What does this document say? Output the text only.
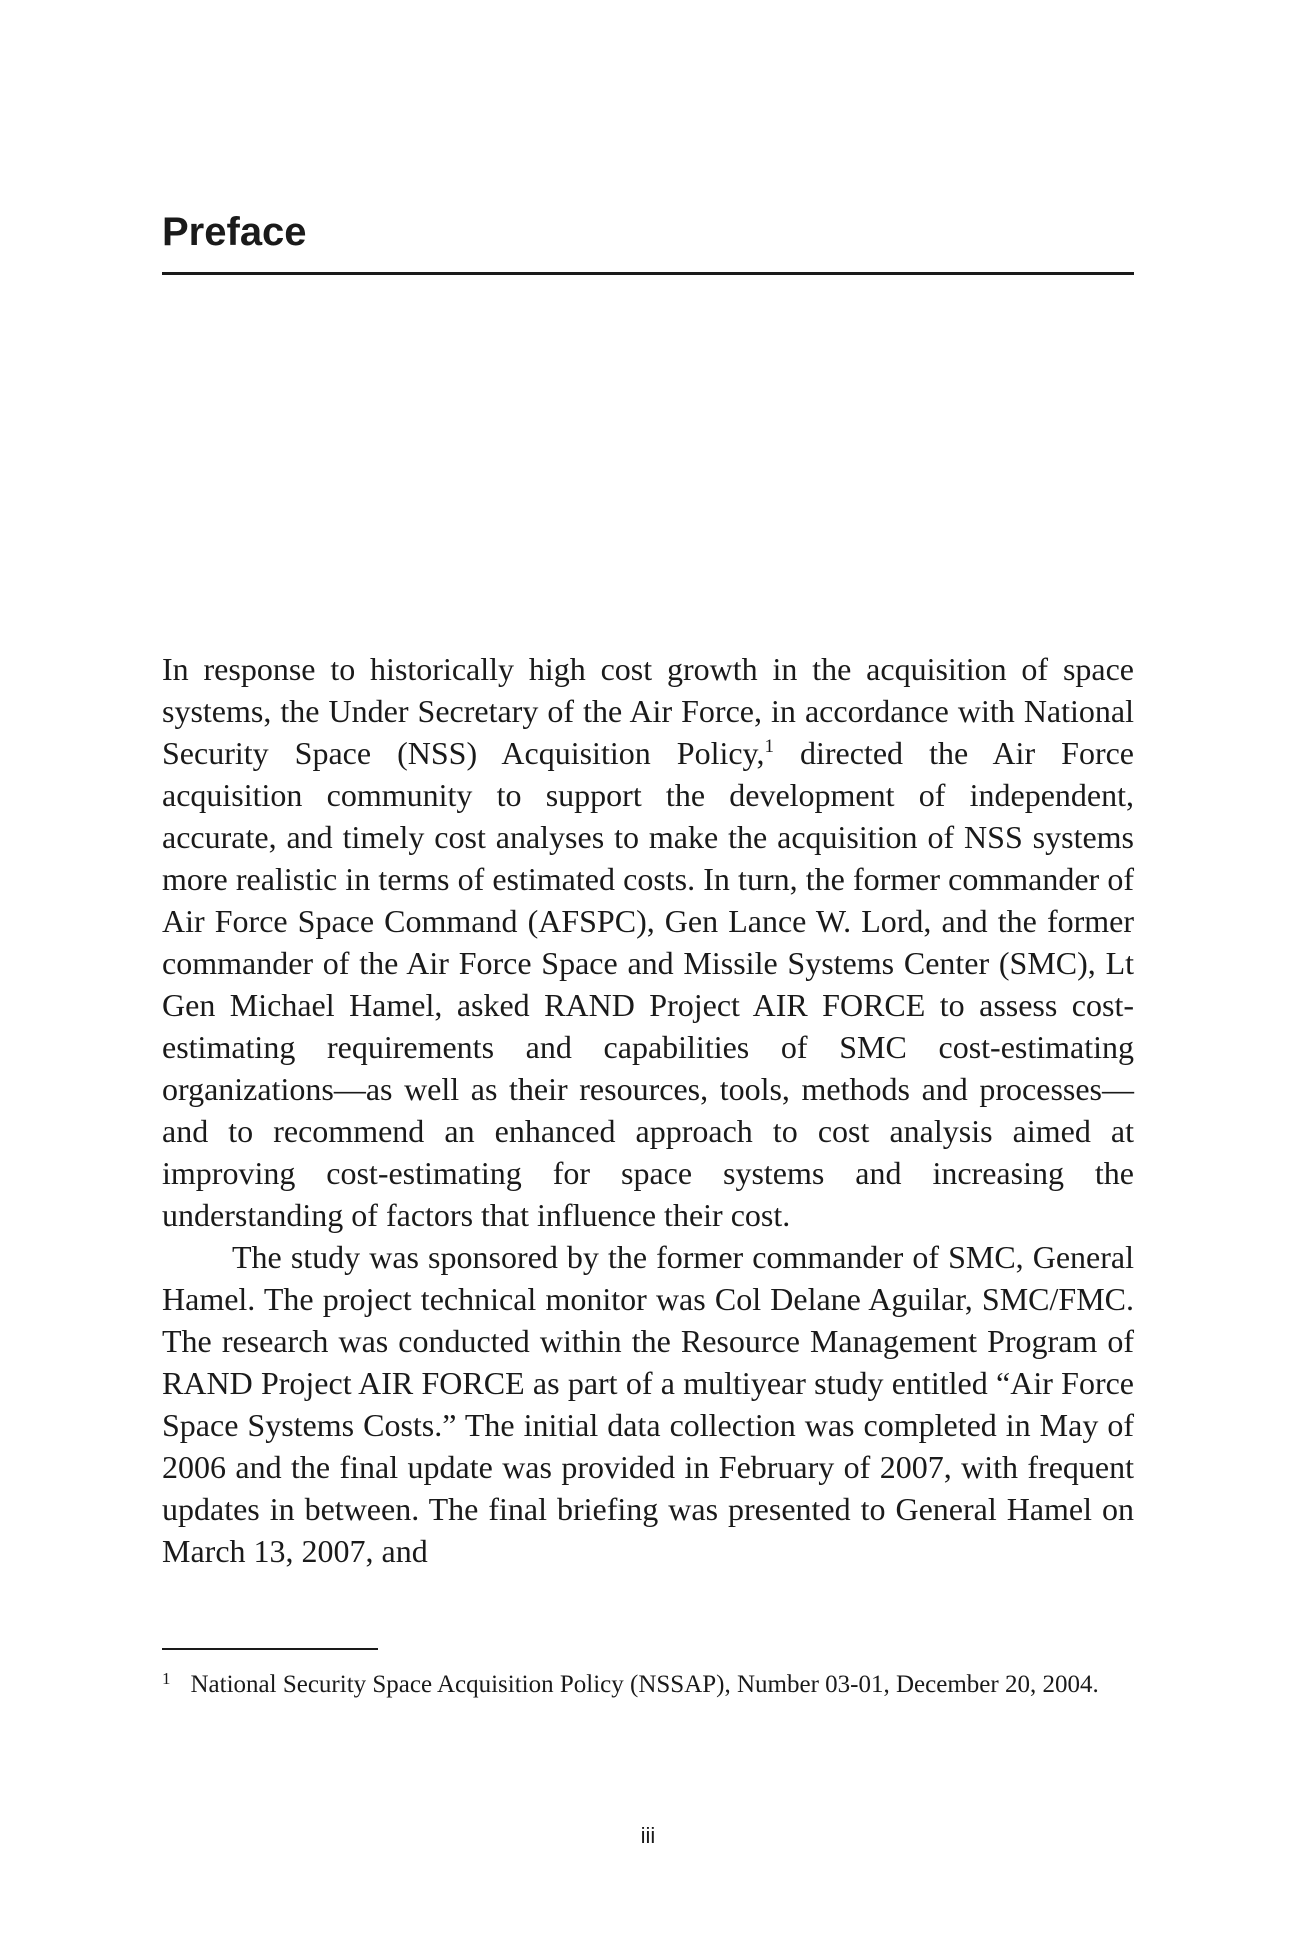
Preface

In response to historically high cost growth in the acquisition of space systems, the Under Secretary of the Air Force, in accordance with National Security Space (NSS) Acquisition Policy,$^1$ directed the Air Force acquisition community to support the development of independent, accurate, and timely cost analyses to make the acquisition of NSS systems more realistic in terms of estimated costs. In turn, the former commander of Air Force Space Command (AFSPC), Gen Lance W. Lord, and the former commander of the Air Force Space and Missile Systems Center (SMC), Lt Gen Michael Hamel, asked RAND Project AIR FORCE to assess cost-estimating requirements and capabilities of SMC cost-estimating organizations—as well as their resources, tools, methods and processes—and to recommend an enhanced approach to cost analysis aimed at improving cost-estimating for space systems and increasing the understanding of factors that influence their cost.

The study was sponsored by the former commander of SMC, General Hamel. The project technical monitor was Col Delane Aguilar, SMC/FMC. The research was conducted within the Resource Management Program of RAND Project AIR FORCE as part of a multiyear study entitled “Air Force Space Systems Costs.” The initial data collection was completed in May of 2006 and the final update was provided in February of 2007, with frequent updates in between. The final briefing was presented to General Hamel on March 13, 2007, and

$^1$ National Security Space Acquisition Policy (NSSAP), Number 03-01, December 20, 2004.
iii
